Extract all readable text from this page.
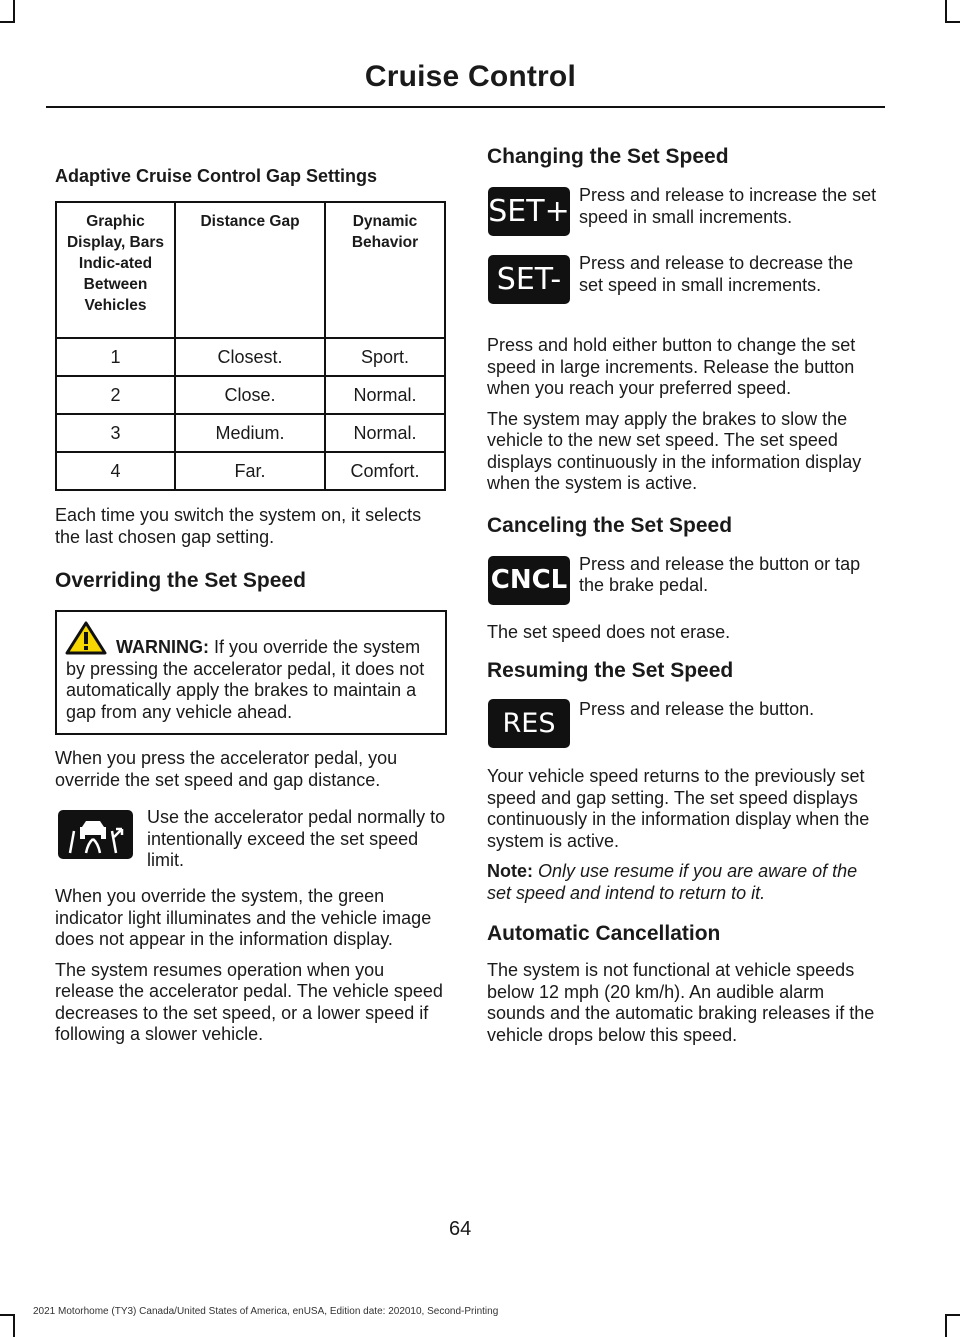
Cruise Control
Adaptive Cruise Control Gap Settings
Graphic Display, Bars Indic-ated Between Vehicles	Distance Gap	Dynamic Behavior
1	Closest.	Sport.
2	Close.	Normal.
3	Medium.	Normal.
4	Far.	Comfort.

Each time you switch the system on, it selects the last chosen gap setting.

Overriding the Set Speed

WARNING: If you override the system by pressing the accelerator pedal, it does not automatically apply the brakes to maintain a gap from any vehicle ahead.

When you press the accelerator pedal, you override the set speed and gap distance.

Use the accelerator pedal normally to intentionally exceed the set speed limit.

When you override the system, the green indicator light illuminates and the vehicle image does not appear in the information display.

The system resumes operation when you release the accelerator pedal. The vehicle speed decreases to the set speed, or a lower speed if following a slower vehicle.

Changing the Set Speed
SET+ Press and release to increase the set speed in small increments.

SET- Press and release to decrease the set speed in small increments.

Press and hold either button to change the set speed in large increments. Release the button when you reach your preferred speed.

The system may apply the brakes to slow the vehicle to the new set speed. The set speed displays continuously in the information display when the system is active.

Canceling the Set Speed
CNCL

Press and release the button or tap the brake pedal.

The set speed does not erase.

Resuming the Set Speed
RES	Press and release the button.

Your vehicle speed returns to the previously set speed and gap setting. The set speed displays continuously in the information display when the system is active.

Note: Only use resume if you are aware of the set speed and intend to return to it.

Automatic Cancellation

The system is not functional at vehicle speeds below 12 mph (20 km/h). An audible alarm sounds and the automatic braking releases if the vehicle drops below this speed.

64
2021 Motorhome (TY3) Canada/United States of America, enUSA, Edition date: 202010, Second-Printing
